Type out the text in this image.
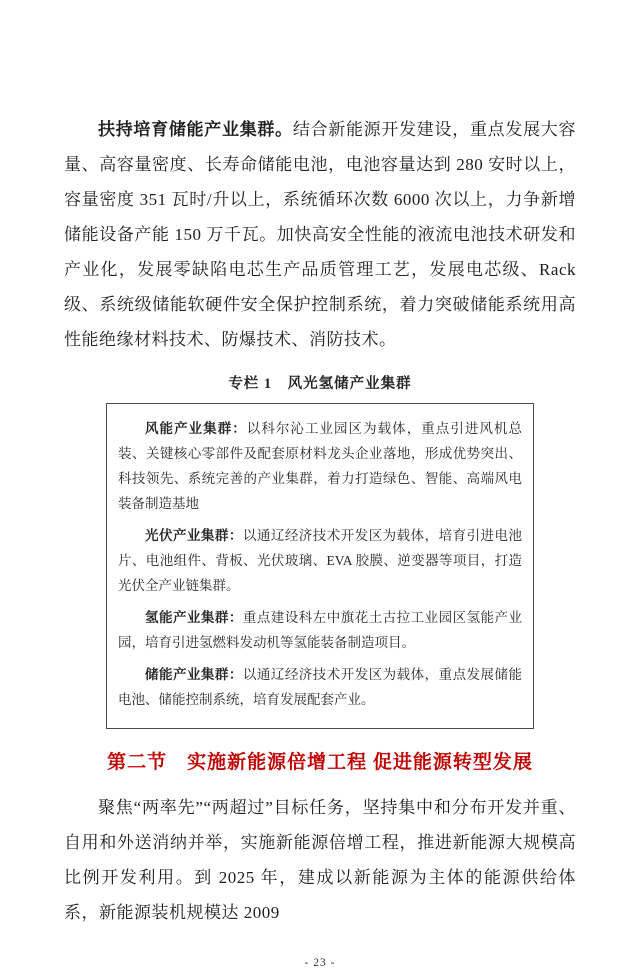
扶持培育储能产业集群。结合新能源开发建设，重点发展大容量、高容量密度、长寿命储能电池，电池容量达到 280 安时以上，容量密度 351 瓦时/升以上，系统循环次数 6000 次以上，力争新增储能设备产能 150 万千瓦。加快高安全性能的液流电池技术研发和产业化，发展零缺陷电芯生产品质管理工艺，发展电芯级、Rack 级、系统级储能软硬件安全保护控制系统，着力突破储能系统用高性能绝缘材料技术、防爆技术、消防技术。

专栏 1　风光氢储产业集群

风能产业集群：以科尔沁工业园区为载体，重点引进风机总装、关键核心零部件及配套原材料龙头企业落地，形成优势突出、科技领先、系统完善的产业集群，着力打造绿色、智能、高端风电装备制造基地

光伏产业集群：以通辽经济技术开发区为载体，培育引进电池片、电池组件、背板、光伏玻璃、EVA 胶膜、逆变器等项目，打造光伏全产业链集群。

氢能产业集群：重点建设科左中旗花土古拉工业园区氢能产业园，培育引进氢燃料发动机等氢能装备制造项目。

储能产业集群：以通辽经济技术开发区为载体，重点发展储能电池、储能控制系统，培育发展配套产业。

第二节　实施新能源倍增工程 促进能源转型发展

聚焦“两率先”“两超过”目标任务，坚持集中和分布开发并重、自用和外送消纳并举，实施新能源倍增工程，推进新能源大规模高比例开发利用。到 2025 年，建成以新能源为主体的能源供给体系，新能源装机规模达 2009

- 23 -
